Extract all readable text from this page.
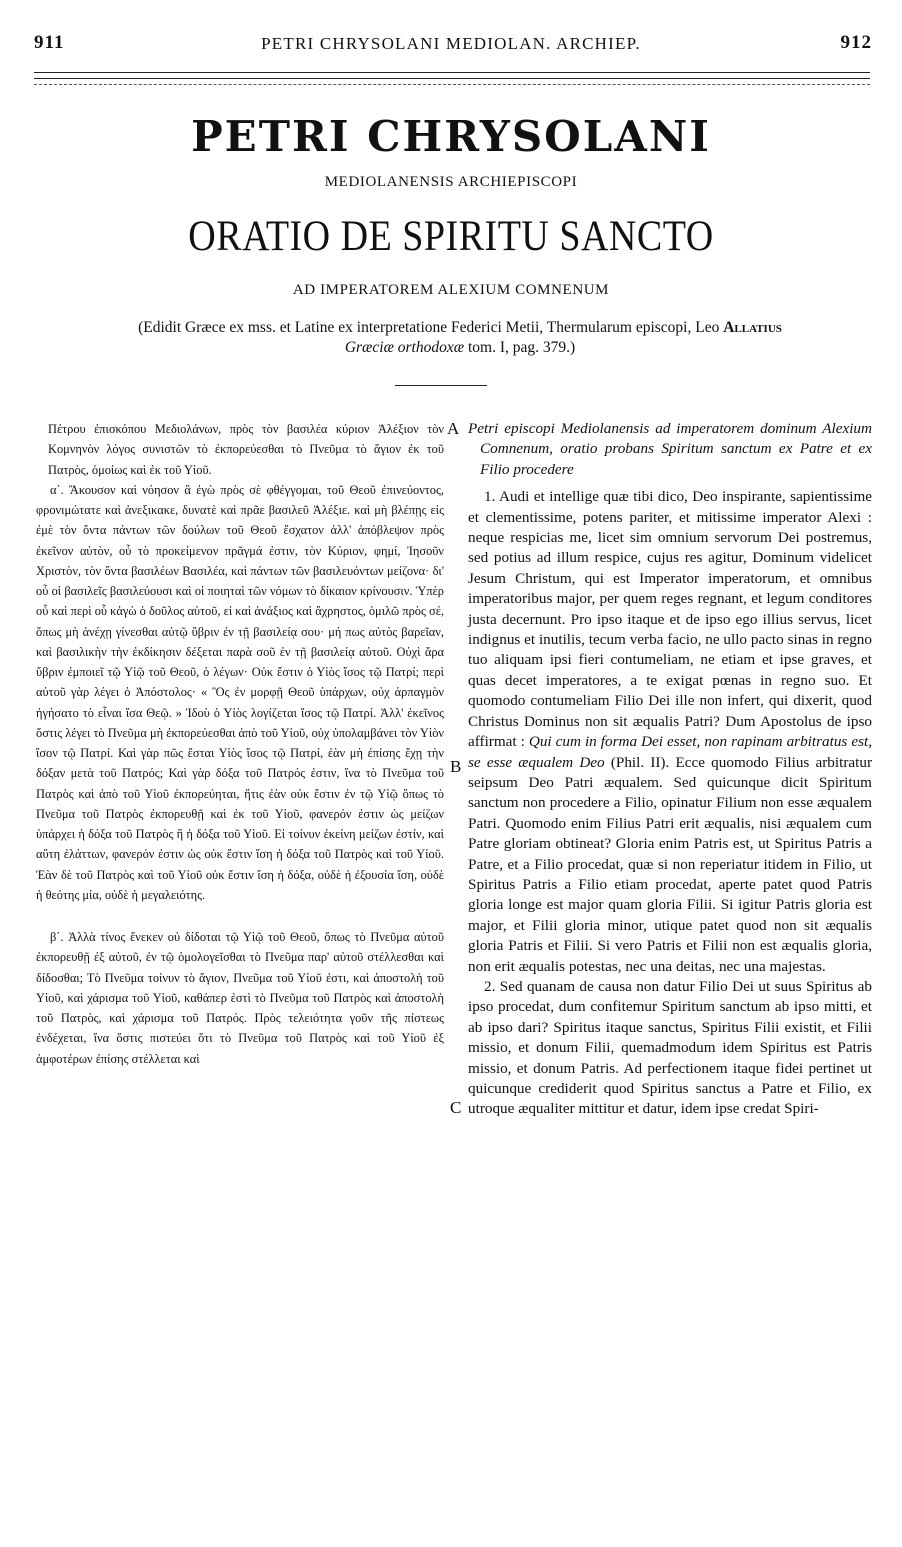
911	PETRI CHRYSOLANI MEDIOLAN. ARCHIEP.	912
PETRI CHRYSOLANI
MEDIOLANENSIS ARCHIEPISCOPI
ORATIO DE SPIRITU SANCTO
AD IMPERATOREM ALEXIUM COMNENUM
(Edidit Græce ex mss. et Latine ex interpretatione Federici Metii, Thermularum episcopi, Leo Allatius
Græciæ orthodoxæ tom. I, pag. 379.)

Πέτρου ἐπισκόπου Μεδιολάνων, πρὸς τὸν βασιλέα κύριον Ἀλέξιον τὸν Κομνηνὸν λόγος συνιστῶν τὸ ἐκπορεύεσθαι τὸ Πνεῦμα τὸ ἅγιον ἐκ τοῦ Πατρὸς, ὁμοίως καὶ ἐκ τοῦ Υἱοῦ.

α΄. Ἄκουσον καὶ νόησον ἃ ἐγὼ πρὸς σὲ φθέγγομαι, τοῦ Θεοῦ ἐπινεύοντος, φρονιμώτατε καὶ ἀνεξικακε, δυνατὲ καὶ πρᾶε βασιλεῦ Ἀλέξιε. καὶ μὴ βλέπῃς εἰς ἐμὲ τὸν ὄντα πάντων τῶν δούλων τοῦ Θεοῦ ἔσχατον ἀλλ' ἀπόβλεψον πρὸς ἐκεῖνον αὐτὸν, οὗ τὸ προκείμενον πρᾶγμά ἐστιν, τὸν Κύριον, φημί, Ἰησοῦν Χριστὸν, τὸν ὄντα βασιλέων Βασιλέα, καὶ πάντων τῶν βασιλευόντων μείζονα· δι' οὗ οἱ βασιλεῖς βασιλεύουσι καὶ οἱ ποιηταὶ τῶν νόμων τὸ δίκαιον κρίνουσιν. Ὑπὲρ οὗ καὶ περὶ οὗ κἀγὼ ὁ δοῦλος αὐτοῦ, εἰ καὶ ἀνάξιος καὶ ἄχρηστος, ὁμιλῶ πρὸς σέ, ὅπως μὴ ἀνέχῃ γίνεσθαι αὐτῷ ὕβριν ἐν τῇ βασιλείᾳ σου· μή πως αὐτὸς βαρεῖαν, καὶ βασιλικὴν τὴν ἐκδίκησιν δέξεται παρὰ σοῦ ἐν τῇ βασιλείᾳ αὐτοῦ. Οὐχὶ ἄρα ὕβριν ἐμποιεῖ τῷ Υἱῷ τοῦ Θεοῦ, ὁ λέγων· Οὐκ ἔστιν ὁ Υἱὸς ἴσος τῷ Πατρί; περὶ αὐτοῦ γὰρ λέγει ὁ Ἀπόστολος· « Ὃς ἐν μορφῇ Θεοῦ ὑπάρχων, οὐχ ἁρπαγμὸν ἡγήσατο τὸ εἶναι ἴσα Θεῷ. » Ἰδοὺ ὁ Υἱὸς λογίζεται ἴσος τῷ Πατρί. Ἀλλ' ἐκεῖνος ὅστις λέγει τὸ Πνεῦμα μὴ ἐκπορεύεσθαι ἀπὸ τοῦ Υἱοῦ, οὐχ ὑπολαμβάνει τὸν Υἱὸν ἴσον τῷ Πατρί. Καὶ γὰρ πῶς ἔσται Υἱὸς ἴσος τῷ Πατρί, ἐὰν μὴ ἐπίσης ἔχῃ τὴν δόξαν μετὰ τοῦ Πατρός; Καὶ γὰρ δόξα τοῦ Πατρός ἐστιν, ἵνα τὸ Πνεῦμα τοῦ Πατρὸς καὶ ἀπὸ τοῦ Υἱοῦ ἐκπορεύηται, ἥτις ἐὰν οὐκ ἔστιν ἐν τῷ Υἱῷ ὅπως τὸ Πνεῦμα τοῦ Πατρὸς ἐκπορευθῇ καὶ ἐκ τοῦ Υἱοῦ, φανερόν ἐστιν ὡς μείζων ὑπάρχει ἡ δόξα τοῦ Πατρὸς ἢ ἡ δόξα τοῦ Υἱοῦ. Εἰ τοίνυν ἐκείνη μείζων ἐστίν, καὶ αὕτη ἐλάττων, φανερόν ἐστιν ὡς οὐκ ἔστιν ἴση ἡ δόξα τοῦ Πατρὸς καὶ τοῦ Υἱοῦ. Ἐὰν δὲ τοῦ Πατρὸς καὶ τοῦ Υἱοῦ οὐκ ἔστιν ἴση ἡ δόξα, οὐδὲ ἡ ἐξουσία ἴση, οὐδὲ ἡ θεότης μία, οὐδὲ ἡ μεγαλειότης.

β΄. Ἀλλὰ τίνος ἕνεκεν οὐ δίδοται τῷ Υἱῷ τοῦ Θεοῦ, ὅπως τὸ Πνεῦμα αὐτοῦ ἐκπορευθῇ ἐξ αὐτοῦ, ἐν τῷ ὁμολογεῖσθαι τὸ Πνεῦμα παρ' αὐτοῦ στέλλεσθαι καὶ δίδοσθαι; Τὸ Πνεῦμα τοίνυν τὸ ἅγιον, Πνεῦμα τοῦ Υἱοῦ ἐστι, καὶ ἀποστολὴ τοῦ Υἱοῦ, καὶ χάρισμα τοῦ Υἱοῦ, καθάπερ ἐστὶ τὸ Πνεῦμα τοῦ Πατρὸς καὶ ἀποστολὴ τοῦ Πατρὸς, καὶ χάρισμα τοῦ Πατρός. Πρὸς τελειότητα γοῦν τῆς πίστεως ἐνδέχεται, ἵνα ὅστις πιστεύει ὅτι τὸ Πνεῦμα τοῦ Πατρὸς καὶ τοῦ Υἱοῦ ἐξ ἀμφοτέρων ἐπίσης στέλλεται καὶ

A
B
C

Petri episcopi Mediolanensis ad imperatorem dominum Alexium Comnenum, oratio probans Spiritum sanctum ex Patre et ex Filio procedere

1. Audi et intellige quæ tibi dico, Deo inspirante, sapientissime et clementissime, potens pariter, et mitissime imperator Alexi : neque respicias me, licet sim omnium servorum Dei postremus, sed potius ad illum respice, cujus res agitur, Dominum videlicet Jesum Christum, qui est Imperator imperatorum, et omnibus imperatoribus major, per quem reges regnant, et legum conditores justa decernunt. Pro ipso itaque et de ipso ego illius servus, licet indignus et inutilis, tecum verba facio, ne ullo pacto sinas in regno tuo aliquam ipsi fieri contumeliam, ne etiam et ipse graves, et quas decet imperatores, a te exigat pœnas in regno suo. Et quomodo contumeliam Filio Dei ille non infert, qui dixerit, quod Christus Dominus non sit æqualis Patri? Dum Apostolus de ipso affirmat : Qui cum in forma Dei esset, non rapinam arbitratus est, se esse æqualem Deo (Phil. II). Ecce quomodo Filius arbitratur seipsum Deo Patri æqualem. Sed quicunque dicit Spiritum sanctum non procedere a Filio, opinatur Filium non esse æqualem Patri. Quomodo enim Filius Patri erit æqualis, nisi æqualem cum Patre gloriam obtineat? Gloria enim Patris est, ut Spiritus Patris a Patre, et a Filio procedat, quæ si non reperiatur itidem in Filio, ut Spiritus Patris a Filio etiam procedat, aperte patet quod Patris gloria longe est major quam gloria Filii. Si igitur Patris gloria est major, et Filii gloria minor, utique patet quod non sit æqualis gloria Patris et Filii. Si vero Patris et Filii non est æqualis gloria, non erit æqualis potestas, nec una deitas, nec una majestas.

2. Sed quanam de causa non datur Filio Dei ut suus Spiritus ab ipso procedat, dum confitemur Spiritum sanctum ab ipso mitti, et ab ipso dari? Spiritus itaque sanctus, Spiritus Filii existit, et Filii missio, et donum Filii, quemadmodum idem Spiritus est Patris missio, et donum Patris. Ad perfectionem itaque fidei pertinet ut quicunque crediderit quod Spiritus sanctus a Patre et Filio, ex utroque æqualiter mittitur et datur, idem ipse credat Spiri-
